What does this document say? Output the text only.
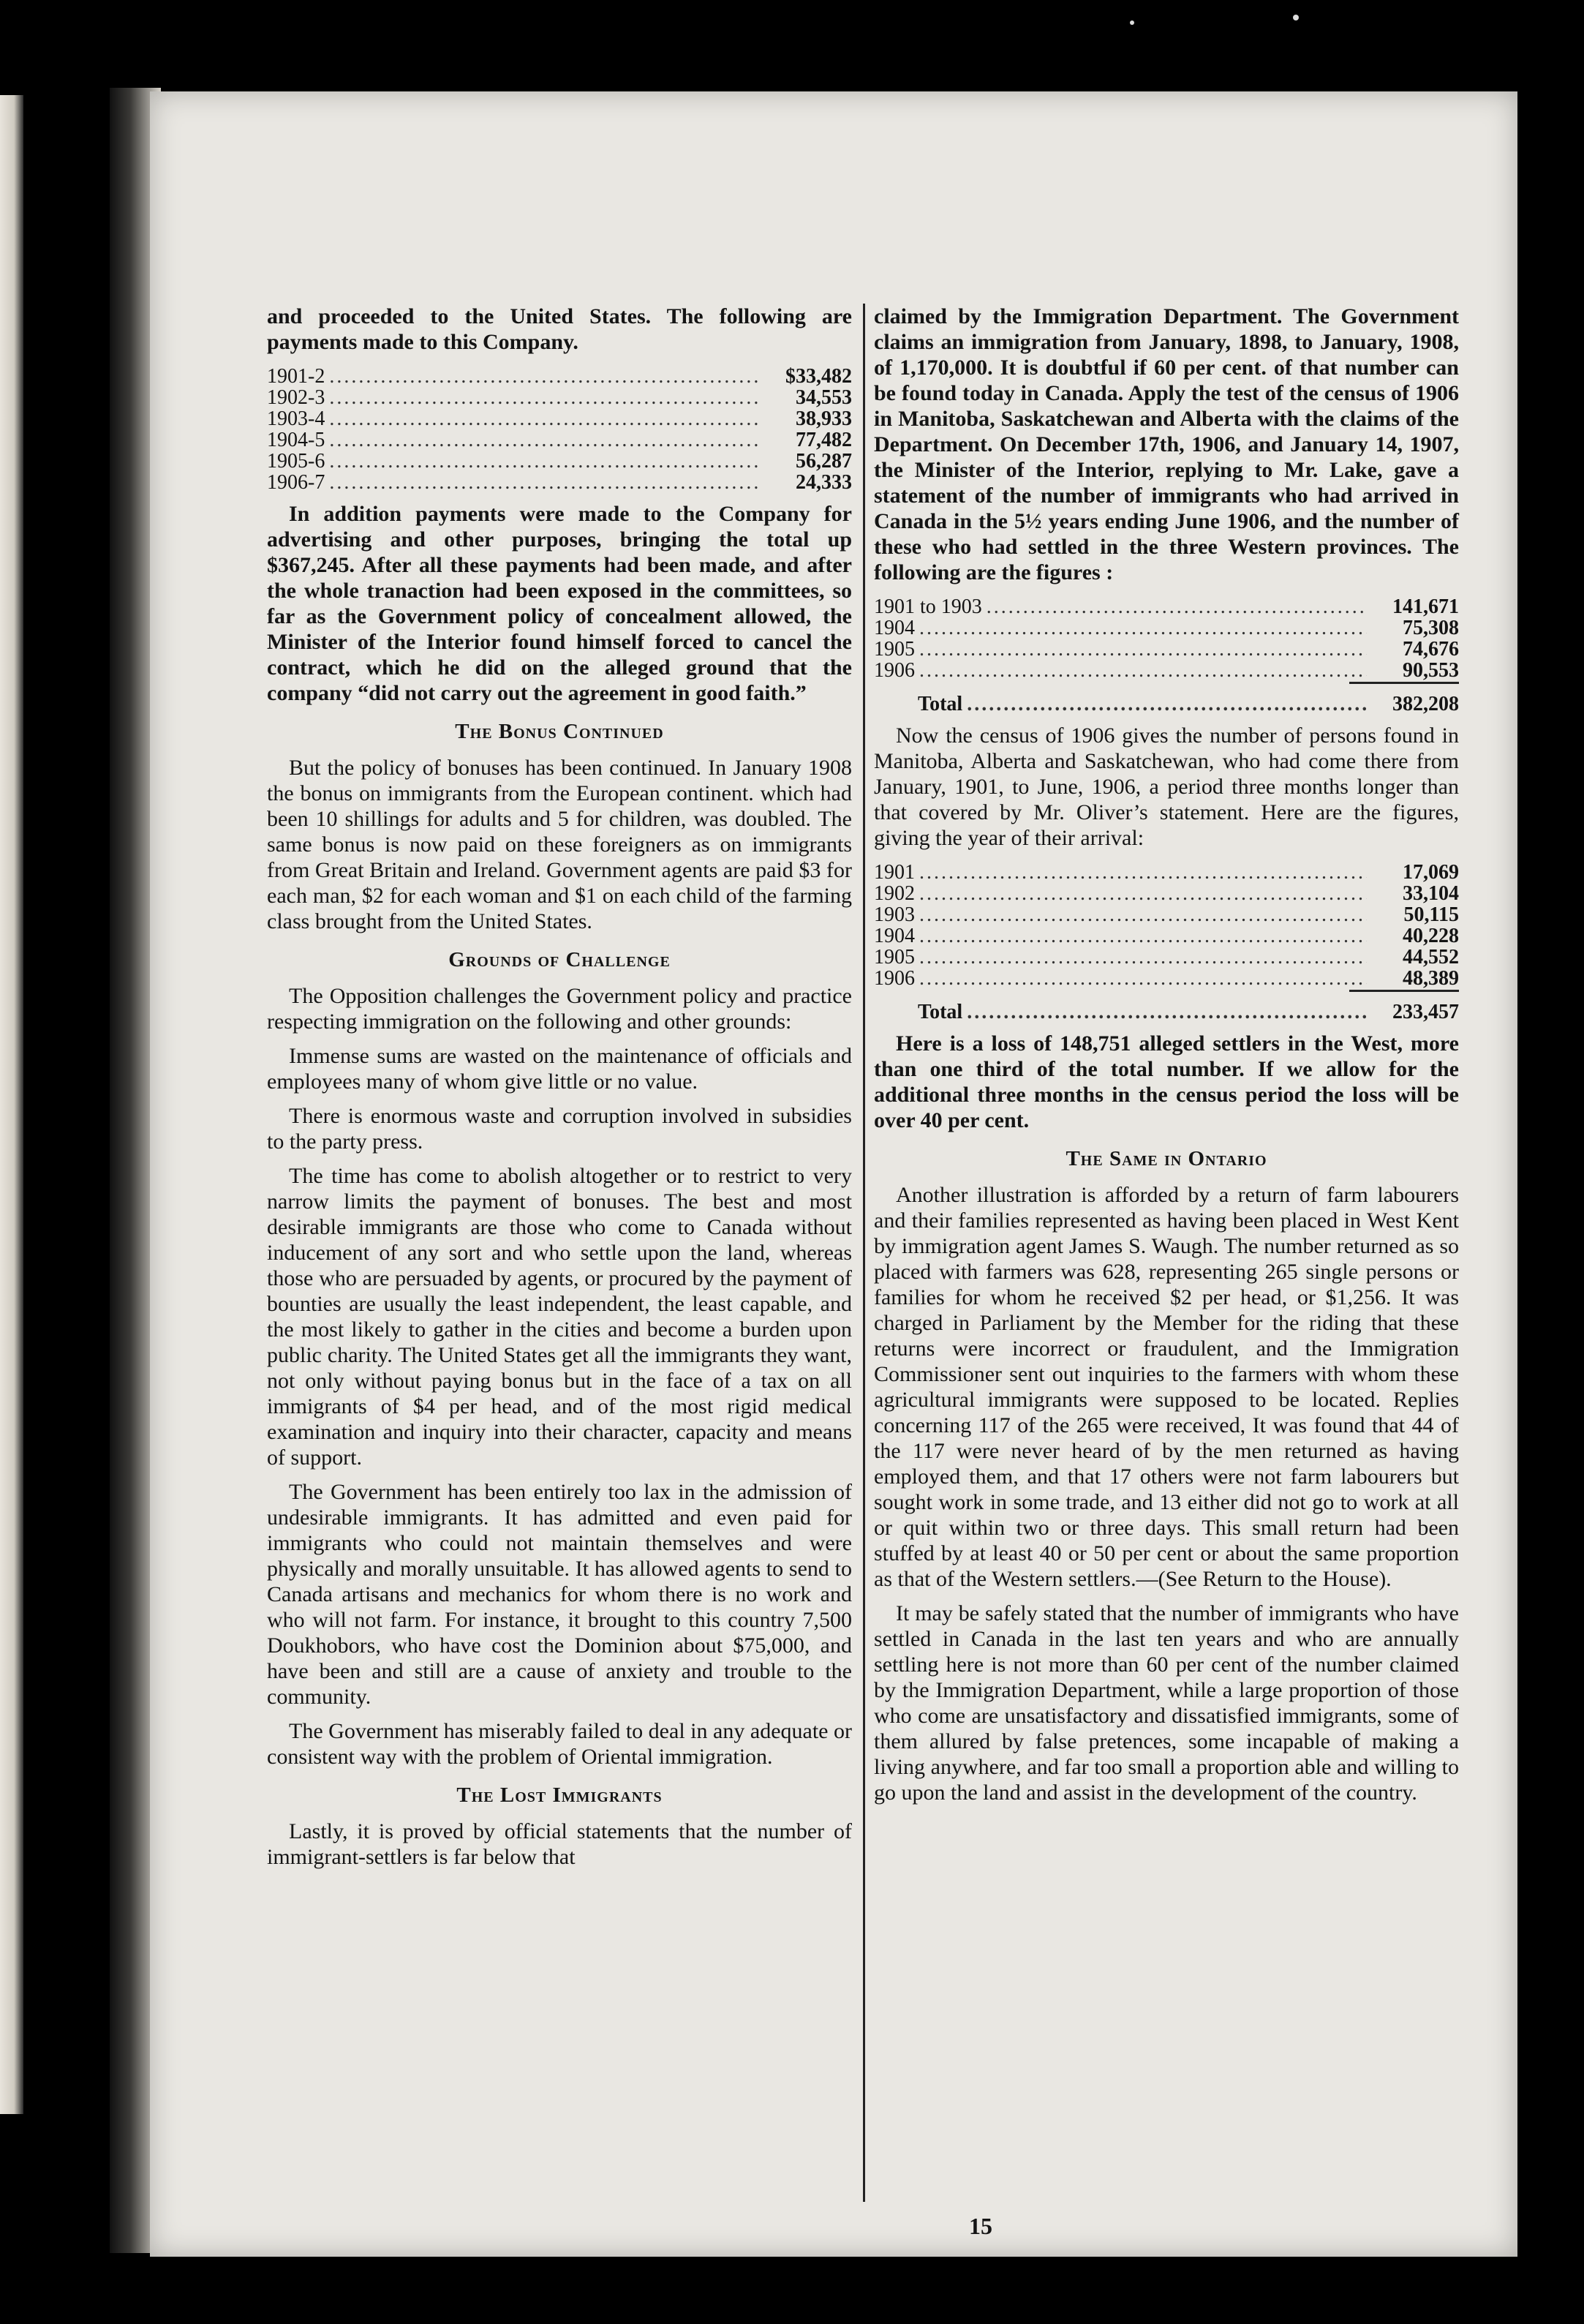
and proceeded to the United States. The following are payments made to this Company.

1901-2 .....	$33,482
1902-3 .....	34,553
1903-4 .....	38,933
1904-5 .....	77,482
1905-6 .....	56,287
1906-7 .....	24,333

In addition payments were made to the Company for advertising and other purposes, bringing the total up $367,245. After all these payments had been made, and after the whole tranaction had been exposed in the committees, so far as the Government policy of concealment allowed, the Minister of the Interior found himself forced to cancel the contract, which he did on the alleged ground that the company “did not carry out the agreement in good faith.”

The Bonus Continued

But the policy of bonuses has been continued. In January 1908 the bonus on immigrants from the European continent. which had been 10 shillings for adults and 5 for children, was doubled. The same bonus is now paid on these foreigners as on immigrants from Great Britain and Ireland. Government agents are paid $3 for each man, $2 for each woman and $1 on each child of the farming class brought from the United States.

Grounds of Challenge

The Opposition challenges the Government policy and practice respecting immigration on the following and other grounds:

Immense sums are wasted on the maintenance of officials and employees many of whom give little or no value.

There is enormous waste and corruption involved in subsidies to the party press.

The time has come to abolish altogether or to restrict to very narrow limits the payment of bonuses. The best and most desirable immigrants are those who come to Canada without inducement of any sort and who settle upon the land, whereas those who are persuaded by agents, or procured by the payment of bounties are usually the least independent, the least capable, and the most likely to gather in the cities and become a burden upon public charity. The United States get all the immigrants they want, not only without paying bonus but in the face of a tax on all immigrants of $4 per head, and of the most rigid medical examination and inquiry into their character, capacity and means of support.

The Government has been entirely too lax in the admission of undesirable immigrants. It has admitted and even paid for immigrants who could not maintain themselves and were physically and morally unsuitable. It has allowed agents to send to Canada artisans and mechanics for whom there is no work and who will not farm. For instance, it brought to this country 7,500 Doukhobors, who have cost the Dominion about $75,000, and have been and still are a cause of anxiety and trouble to the community.

The Government has miserably failed to deal in any adequate or consistent way with the problem of Oriental immigration.

The Lost Immigrants

Lastly, it is proved by official statements that the number of immigrant-settlers is far below that

claimed by the Immigration Department. The Government claims an immigration from January, 1898, to January, 1908, of 1,170,000. It is doubtful if 60 per cent. of that number can be found today in Canada. Apply the test of the census of 1906 in Manitoba, Saskatchewan and Alberta with the claims of the Department. On December 17th, 1906, and January 14, 1907, the Minister of the Interior, replying to Mr. Lake, gave a statement of the number of immigrants who had arrived in Canada in the 5½ years ending June 1906, and the number of these who had settled in the three Western provinces. The following are the figures :

1901 to 1903 .....	141,671
1904 .....	75,308
1905 .....	74,676
1906 .....	90,553
Total .....	382,208

Now the census of 1906 gives the number of persons found in Manitoba, Alberta and Saskatchewan, who had come there from January, 1901, to June, 1906, a period three months longer than that covered by Mr. Oliver’s statement. Here are the figures, giving the year of their arrival:

1901 .....	17,069
1902 .....	33,104
1903 .....	50,115
1904 .....	40,228
1905 .....	44,552
1906 .....	48,389
Total .....	233,457

Here is a loss of 148,751 alleged settlers in the West, more than one third of the total number. If we allow for the additional three months in the census period the loss will be over 40 per cent.

The Same in Ontario

Another illustration is afforded by a return of farm labourers and their families represented as having been placed in West Kent by immigration agent James S. Waugh. The number returned as so placed with farmers was 628, representing 265 single persons or families for whom he received $2 per head, or $1,256. It was charged in Parliament by the Member for the riding that these returns were incorrect or fraudulent, and the Immigration Commissioner sent out inquiries to the farmers with whom these agricultural immigrants were supposed to be located. Replies concerning 117 of the 265 were received, It was found that 44 of the 117 were never heard of by the men returned as having employed them, and that 17 others were not farm labourers but sought work in some trade, and 13 either did not go to work at all or quit within two or three days. This small return had been stuffed by at least 40 or 50 per cent or about the same proportion as that of the Western settlers.—(See Return to the House).

It may be safely stated that the number of immigrants who have settled in Canada in the last ten years and who are annually settling here is not more than 60 per cent of the number claimed by the Immigration Department, while a large proportion of those who come are unsatisfactory and dissatisfied immigrants, some of them allured by false pretences, some incapable of making a living anywhere, and far too small a proportion able and willing to go upon the land and assist in the development of the country.

15
